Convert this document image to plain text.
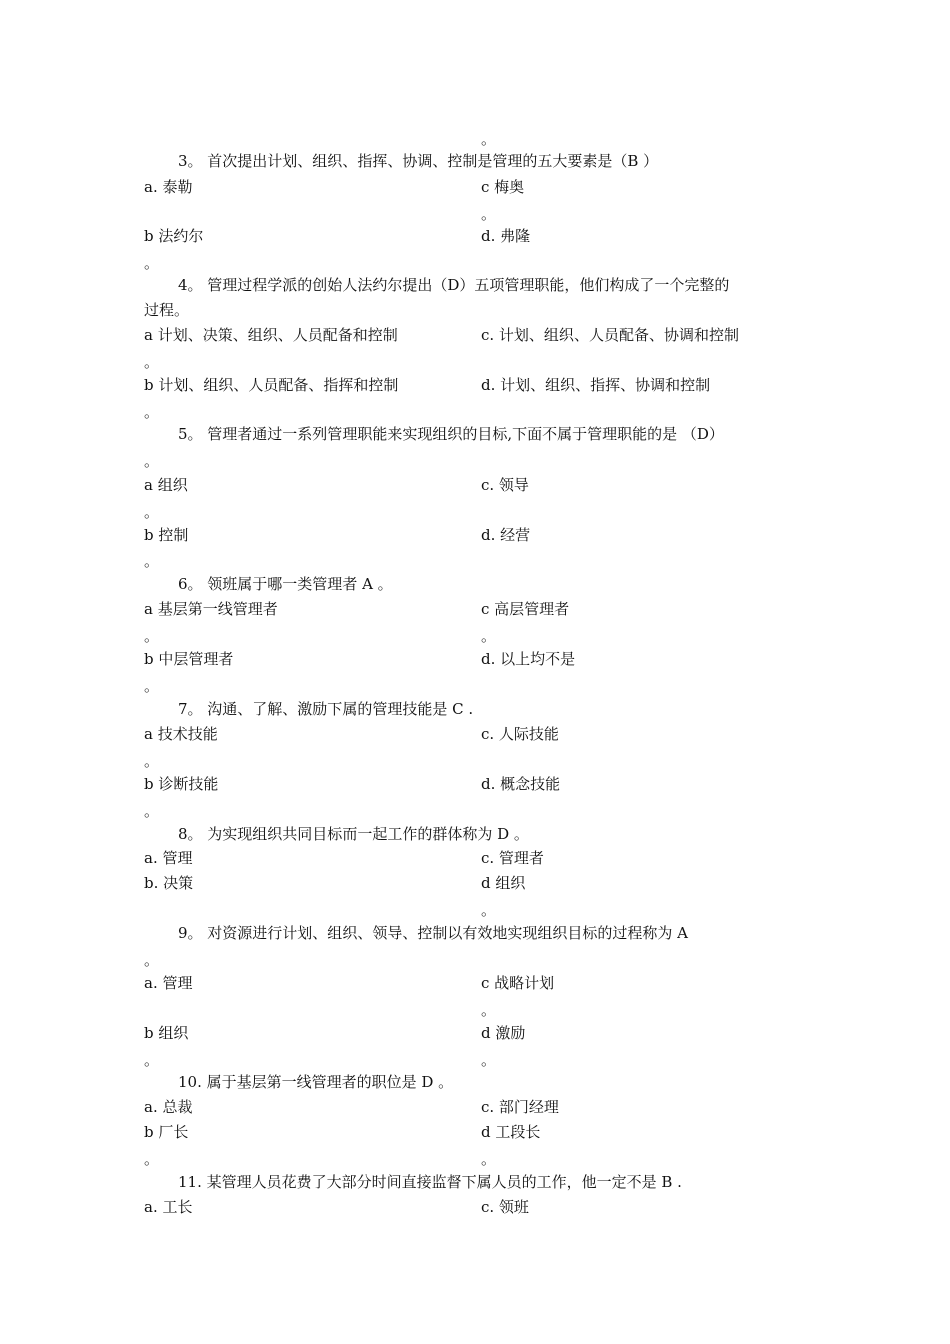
。
3。 首次提出计划、组织、指挥、协调、控制是管理的五大要素是（B ）
a. 泰勒	c 梅奥
。
b 法约尔	d. 弗隆
。
4。 管理过程学派的创始人法约尔提出（D）五项管理职能，他们构成了一个完整的
过程。
a 计划、决策、组织、人员配备和控制	c. 计划、组织、人员配备、协调和控制
。
b 计划、组织、人员配备、指挥和控制	d. 计划、组织、指挥、协调和控制
。
5。 管理者通过一系列管理职能来实现组织的目标,下面不属于管理职能的是 （D）
。
a 组织	c. 领导
。
b 控制	d. 经营
。
6。 领班属于哪一类管理者 A 。
a 基层第一线管理者	c 高层管理者
。	。
b 中层管理者	d. 以上均不是
。
7。 沟通、了解、激励下属的管理技能是 C .
a 技术技能	c. 人际技能
。
b 诊断技能	d. 概念技能
。
8。 为实现组织共同目标而一起工作的群体称为 D 。
a. 管理	c. 管理者
b. 决策	d 组织
。
9。 对资源进行计划、组织、领导、控制以有效地实现组织目标的过程称为 A
。
a. 管理	c 战略计划
。
b 组织	d 激励
。	。
10. 属于基层第一线管理者的职位是 D 。
a. 总裁	c. 部门经理
b 厂长	d 工段长
。	。
11. 某管理人员花费了大部分时间直接监督下属人员的工作，他一定不是 B .
a. 工长	c. 领班
